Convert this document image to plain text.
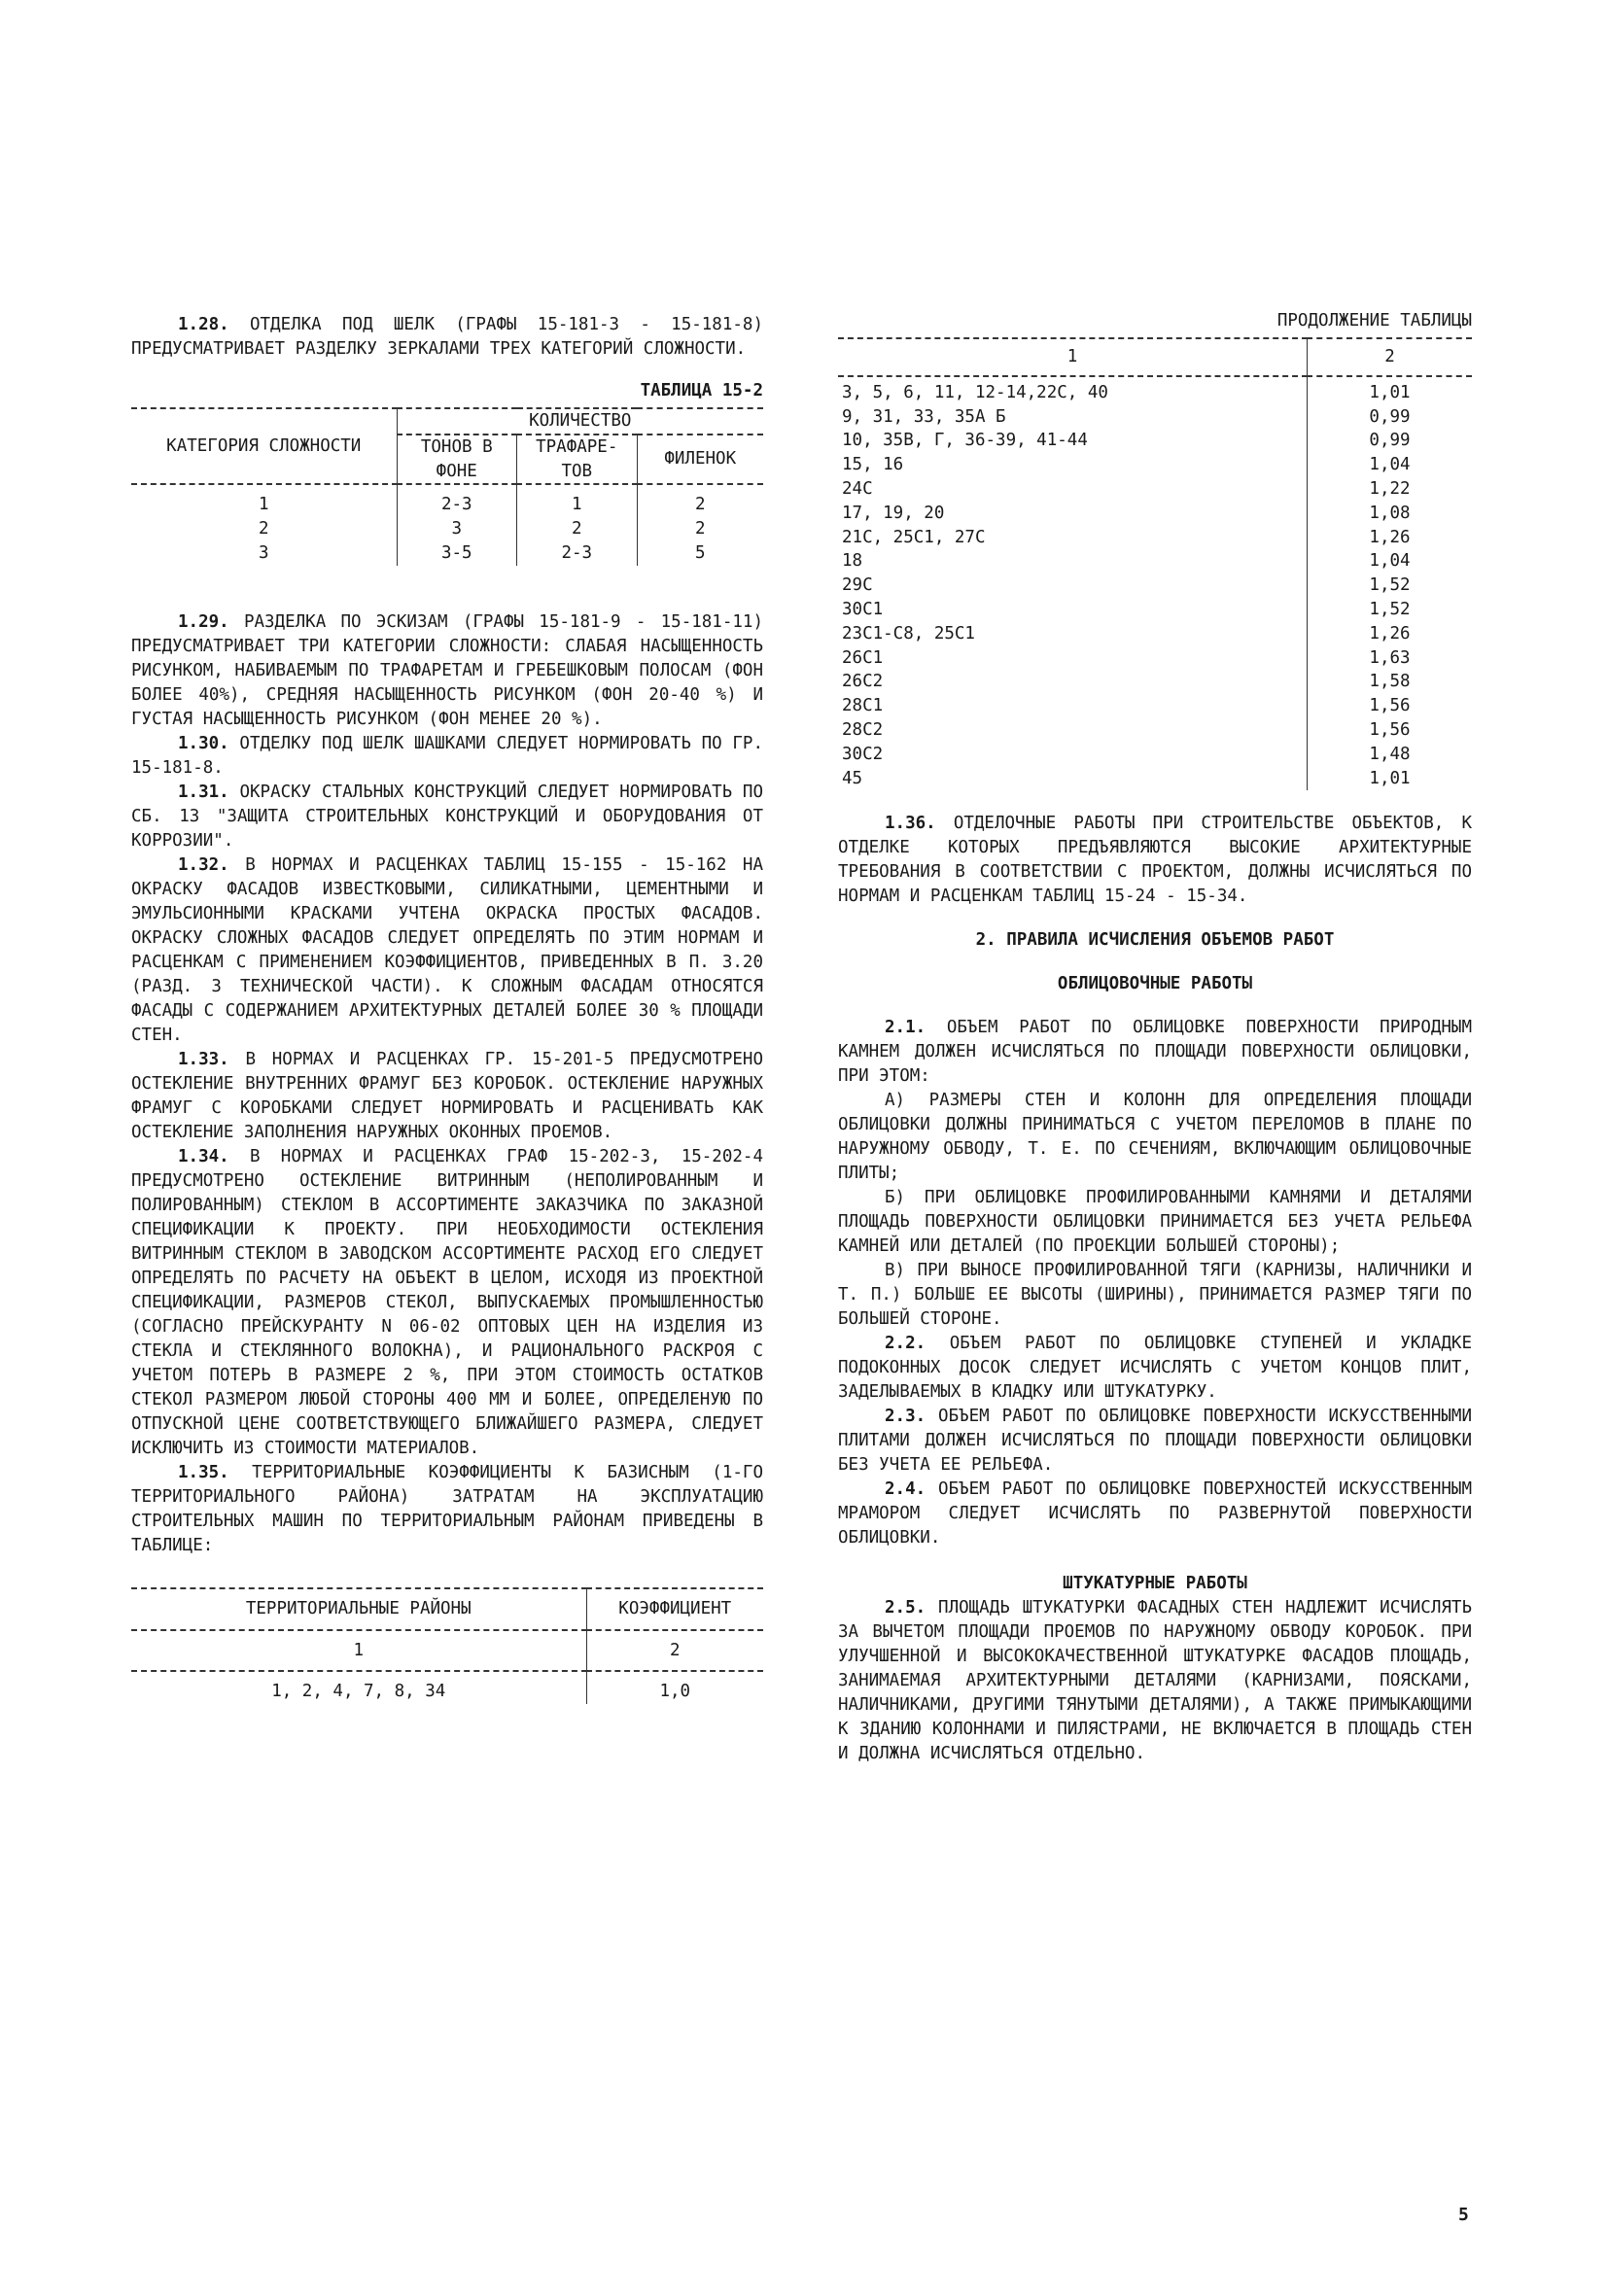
1.28. ОТДЕЛКА ПОД ШЕЛК (ГРАФЫ 15-181-3 - 15-181-8) ПРЕДУСМАТРИВАЕТ РАЗДЕЛКУ ЗЕРКАЛАМИ ТРЕХ КАТЕГОРИЙ СЛОЖНОСТИ.

ТАБЛИЦА 15-2
КАТЕГОРИЯ СЛОЖНОСТИ	КОЛИЧЕСТВО		
	ТОНОВ В ФОНЕ	ТРАФАРЕ-ТОВ	ФИЛЕНОК
1	2-3	1	2
2	3	2	2
3	3-5	2-3	5

1.29. РАЗДЕЛКА ПО ЭСКИЗАМ (ГРАФЫ 15-181-9 - 15-181-11) ПРЕДУСМАТРИВАЕТ ТРИ КАТЕГОРИИ СЛОЖНОСТИ: СЛАБАЯ НАСЫЩЕННОСТЬ РИСУНКОМ, НАБИВАЕМЫМ ПО ТРАФАРЕТАМ И ГРЕБЕШКОВЫМ ПОЛОСАМ (ФОН БОЛЕЕ 40%), СРЕДНЯЯ НАСЫЩЕННОСТЬ РИСУНКОМ (ФОН 20-40 %) И ГУСТАЯ НАСЫЩЕННОСТЬ РИСУНКОМ (ФОН МЕНЕЕ 20 %).

1.30. ОТДЕЛКУ ПОД ШЕЛК ШАШКАМИ СЛЕДУЕТ НОРМИРОВАТЬ ПО ГР. 15-181-8.

1.31. ОКРАСКУ СТАЛЬНЫХ КОНСТРУКЦИЙ СЛЕДУЕТ НОРМИРОВАТЬ ПО СБ. 13 "ЗАЩИТА СТРОИТЕЛЬНЫХ КОНСТРУКЦИЙ И ОБОРУДОВАНИЯ ОТ КОРРОЗИИ".

1.32. В НОРМАХ И РАСЦЕНКАХ ТАБЛИЦ 15-155 - 15-162 НА ОКРАСКУ ФАСАДОВ ИЗВЕСТКОВЫМИ, СИЛИКАТНЫМИ, ЦЕМЕНТНЫМИ И ЭМУЛЬСИОННЫМИ КРАСКАМИ УЧТЕНА ОКРАСКА ПРОСТЫХ ФАСАДОВ. ОКРАСКУ СЛОЖНЫХ ФАСАДОВ СЛЕДУЕТ ОПРЕДЕЛЯТЬ ПО ЭТИМ НОРМАМ И РАСЦЕНКАМ С ПРИМЕНЕНИЕМ КОЭФФИЦИЕНТОВ, ПРИВЕДЕННЫХ В П. 3.20 (РАЗД. 3 ТЕХНИЧЕСКОЙ ЧАСТИ). К СЛОЖНЫМ ФАСАДАМ ОТНОСЯТСЯ ФАСАДЫ С СОДЕРЖАНИЕМ АРХИТЕКТУРНЫХ ДЕТАЛЕЙ БОЛЕЕ 30 % ПЛОЩАДИ СТЕН.

1.33. В НОРМАХ И РАСЦЕНКАХ ГР. 15-201-5 ПРЕДУСМОТРЕНО ОСТЕКЛЕНИЕ ВНУТРЕННИХ ФРАМУГ БЕЗ КОРОБОК. ОСТЕКЛЕНИЕ НАРУЖНЫХ ФРАМУГ С КОРОБКАМИ СЛЕДУЕТ НОРМИРОВАТЬ И РАСЦЕНИВАТЬ КАК ОСТЕКЛЕНИЕ ЗАПОЛНЕНИЯ НАРУЖНЫХ ОКОННЫХ ПРОЕМОВ.

1.34. В НОРМАХ И РАСЦЕНКАХ ГРАФ 15-202-3, 15-202-4 ПРЕДУСМОТРЕНО ОСТЕКЛЕНИЕ ВИТРИННЫМ (НЕПОЛИРОВАННЫМ И ПОЛИРОВАННЫМ) СТЕКЛОМ В АССОРТИМЕНТЕ ЗАКАЗЧИКА ПО ЗАКАЗНОЙ СПЕЦИФИКАЦИИ К ПРОЕКТУ. ПРИ НЕОБХОДИМОСТИ ОСТЕКЛЕНИЯ ВИТРИННЫМ СТЕКЛОМ В ЗАВОДСКОМ АССОРТИМЕНТЕ РАСХОД ЕГО СЛЕДУЕТ ОПРЕДЕЛЯТЬ ПО РАСЧЕТУ НА ОБЪЕКТ В ЦЕЛОМ, ИСХОДЯ ИЗ ПРОЕКТНОЙ СПЕЦИФИКАЦИИ, РАЗМЕРОВ СТЕКОЛ, ВЫПУСКАЕМЫХ ПРОМЫШЛЕННОСТЬЮ (СОГЛАСНО ПРЕЙСКУРАНТУ N 06-02 ОПТОВЫХ ЦЕН НА ИЗДЕЛИЯ ИЗ СТЕКЛА И СТЕКЛЯННОГО ВОЛОКНА), И РАЦИОНАЛЬНОГО РАСКРОЯ С УЧЕТОМ ПОТЕРЬ В РАЗМЕРЕ 2 %, ПРИ ЭТОМ СТОИМОСТЬ ОСТАТКОВ СТЕКОЛ РАЗМЕРОМ ЛЮБОЙ СТОРОНЫ 400 ММ И БОЛЕЕ, ОПРЕДЕЛЕНУЮ ПО ОТПУСКНОЙ ЦЕНЕ СООТВЕТСТВУЮЩЕГО БЛИЖАЙШЕГО РАЗМЕРА, СЛЕДУЕТ ИСКЛЮЧИТЬ ИЗ СТОИМОСТИ МАТЕРИАЛОВ.

1.35. ТЕРРИТОРИАЛЬНЫЕ КОЭФФИЦИЕНТЫ К БАЗИСНЫМ (1-ГО ТЕРРИТОРИАЛЬНОГО РАЙОНА) ЗАТРАТАМ НА ЭКСПЛУАТАЦИЮ СТРОИТЕЛЬНЫХ МАШИН ПО ТЕРРИТОРИАЛЬНЫМ РАЙОНАМ ПРИВЕДЕНЫ В ТАБЛИЦЕ:

ТЕРРИТОРИАЛЬНЫЕ РАЙОНЫ	КОЭФФИЦИЕНТ
1	2
1, 2, 4, 7, 8, 34	1,0
ПРОДОЛЖЕНИЕ ТАБЛИЦЫ
1	2
3, 5, 6, 11, 12-14,22С, 40	1,01
9, 31, 33, 35А Б	0,99
10, 35В, Г, 36-39, 41-44	0,99
15, 16	1,04
24С	1,22
17, 19, 20	1,08
21С, 25С1, 27С	1,26
18	1,04
29С	1,52
30С1	1,52
23С1-С8, 25С1	1,26
26С1	1,63
26С2	1,58
28С1	1,56
28С2	1,56
30С2	1,48
45	1,01

1.36. ОТДЕЛОЧНЫЕ РАБОТЫ ПРИ СТРОИТЕЛЬСТВЕ ОБЪЕКТОВ, К ОТДЕЛКЕ КОТОРЫХ ПРЕДЪЯВЛЯЮТСЯ ВЫСОКИЕ АРХИТЕКТУРНЫЕ ТРЕБОВАНИЯ В СООТВЕТСТВИИ С ПРОЕКТОМ, ДОЛЖНЫ ИСЧИСЛЯТЬСЯ ПО НОРМАМ И РАСЦЕНКАМ ТАБЛИЦ 15-24 - 15-34.

2. ПРАВИЛА ИСЧИСЛЕНИЯ ОБЪЕМОВ РАБОТ

ОБЛИЦОВОЧНЫЕ РАБОТЫ

2.1. ОБЪЕМ РАБОТ ПО ОБЛИЦОВКЕ ПОВЕРХНОСТИ ПРИРОДНЫМ КАМНЕМ ДОЛЖЕН ИСЧИСЛЯТЬСЯ ПО ПЛОЩАДИ ПОВЕРХНОСТИ ОБЛИЦОВКИ, ПРИ ЭТОМ:

А) РАЗМЕРЫ СТЕН И КОЛОНН ДЛЯ ОПРЕДЕЛЕНИЯ ПЛОЩАДИ ОБЛИЦОВКИ ДОЛЖНЫ ПРИНИМАТЬСЯ С УЧЕТОМ ПЕРЕЛОМОВ В ПЛАНЕ ПО НАРУЖНОМУ ОБВОДУ, Т. Е. ПО СЕЧЕНИЯМ, ВКЛЮЧАЮЩИМ ОБЛИЦОВОЧНЫЕ ПЛИТЫ;

Б) ПРИ ОБЛИЦОВКЕ ПРОФИЛИРОВАННЫМИ КАМНЯМИ И ДЕТАЛЯМИ ПЛОЩАДЬ ПОВЕРХНОСТИ ОБЛИЦОВКИ ПРИНИМАЕТСЯ БЕЗ УЧЕТА РЕЛЬЕФА КАМНЕЙ ИЛИ ДЕТАЛЕЙ (ПО ПРОЕКЦИИ БОЛЬШЕЙ СТОРОНЫ);

В) ПРИ ВЫНОСЕ ПРОФИЛИРОВАННОЙ ТЯГИ (КАРНИЗЫ, НАЛИЧНИКИ И Т. П.) БОЛЬШЕ ЕЕ ВЫСОТЫ (ШИРИНЫ), ПРИНИМАЕТСЯ РАЗМЕР ТЯГИ ПО БОЛЬШЕЙ СТОРОНЕ.

2.2. ОБЪЕМ РАБОТ ПО ОБЛИЦОВКЕ СТУПЕНЕЙ И УКЛАДКЕ ПОДОКОННЫХ ДОСОК СЛЕДУЕТ ИСЧИСЛЯТЬ С УЧЕТОМ КОНЦОВ ПЛИТ, ЗАДЕЛЫВАЕМЫХ В КЛАДКУ ИЛИ ШТУКАТУРКУ.

2.3. ОБЪЕМ РАБОТ ПО ОБЛИЦОВКЕ ПОВЕРХНОСТИ ИСКУССТВЕННЫМИ ПЛИТАМИ ДОЛЖЕН ИСЧИСЛЯТЬСЯ ПО ПЛОЩАДИ ПОВЕРХНОСТИ ОБЛИЦОВКИ БЕЗ УЧЕТА ЕЕ РЕЛЬЕФА.

2.4. ОБЪЕМ РАБОТ ПО ОБЛИЦОВКЕ ПОВЕРХНОСТЕЙ ИСКУССТВЕННЫМ МРАМОРОМ СЛЕДУЕТ ИСЧИСЛЯТЬ ПО РАЗВЕРНУТОЙ ПОВЕРХНОСТИ ОБЛИЦОВКИ.

ШТУКАТУРНЫЕ РАБОТЫ

2.5. ПЛОЩАДЬ ШТУКАТУРКИ ФАСАДНЫХ СТЕН НАДЛЕЖИТ ИСЧИСЛЯТЬ ЗА ВЫЧЕТОМ ПЛОЩАДИ ПРОЕМОВ ПО НАРУЖНОМУ ОБВОДУ КОРОБОК. ПРИ УЛУЧШЕННОЙ И ВЫСОКОКАЧЕСТВЕННОЙ ШТУКАТУРКЕ ФАСАДОВ ПЛОЩАДЬ, ЗАНИМАЕМАЯ АРХИТЕКТУРНЫМИ ДЕТАЛЯМИ (КАРНИЗАМИ, ПОЯСКАМИ, НАЛИЧНИКАМИ, ДРУГИМИ ТЯНУТЫМИ ДЕТАЛЯМИ), А ТАКЖЕ ПРИМЫКАЮЩИМИ К ЗДАНИЮ КОЛОННАМИ И ПИЛЯСТРАМИ, НЕ ВКЛЮЧАЕТСЯ В ПЛОЩАДЬ СТЕН И ДОЛЖНА ИСЧИСЛЯТЬСЯ ОТДЕЛЬНО.

5
